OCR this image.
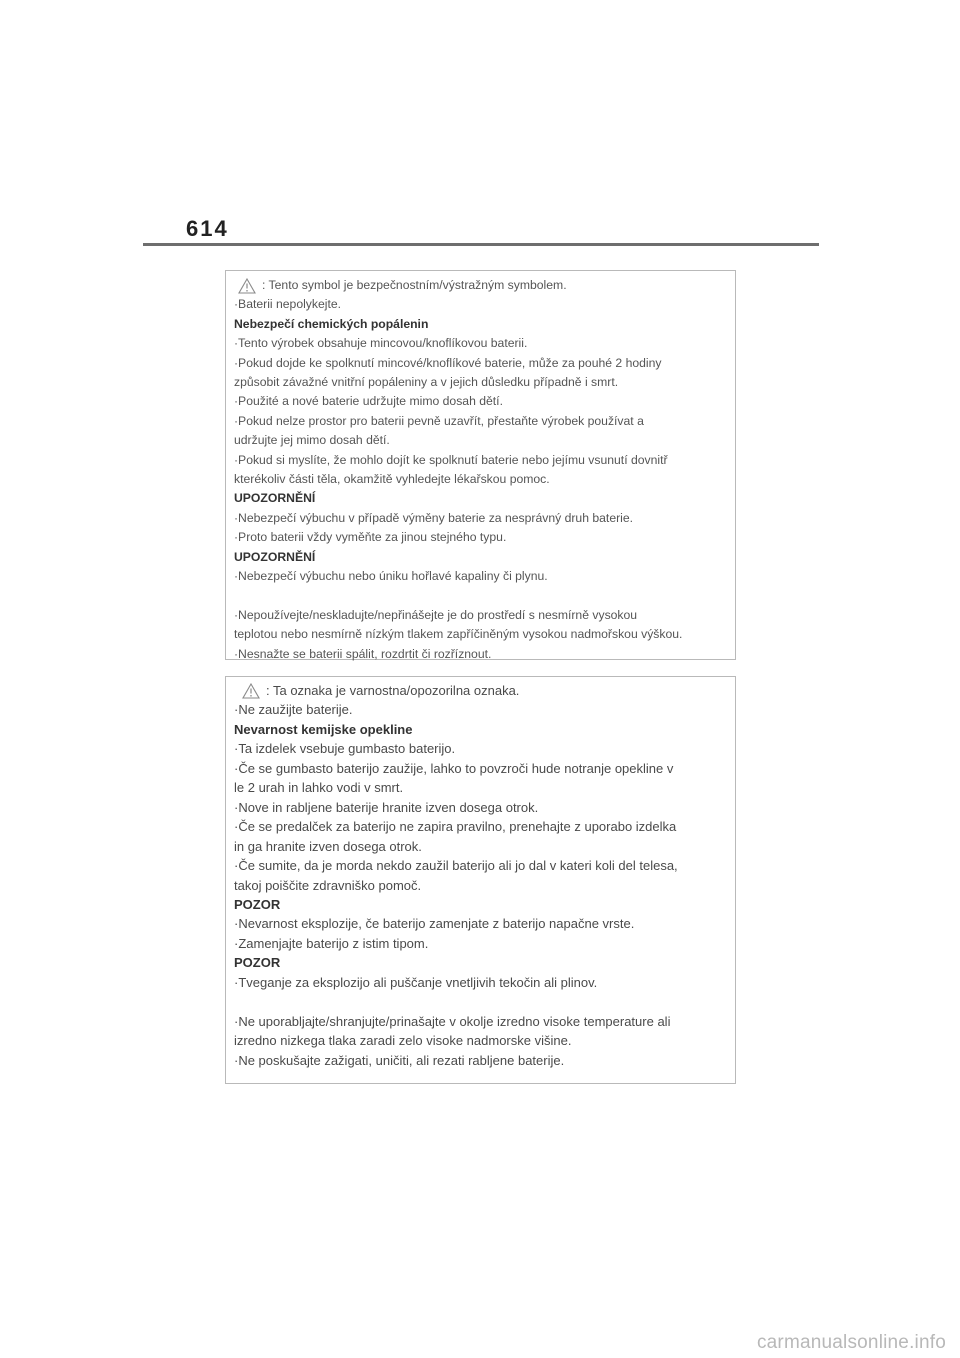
614
: Tento symbol je bezpečnostním/výstražným symbolem.
·Baterii nepolykejte.
Nebezpečí chemických popálenin
·Tento výrobek obsahuje mincovou/knoflíkovou baterii.
·Pokud dojde ke spolknutí mincové/knoflíkové baterie, může za pouhé 2 hodiny
způsobit závažné vnitřní popáleniny a v jejich důsledku případně i smrt.
·Použité a nové baterie udržujte mimo dosah dětí.
·Pokud nelze prostor pro baterii pevně uzavřít, přestaňte výrobek používat a
udržujte jej mimo dosah dětí.
·Pokud si myslíte, že mohlo dojít ke spolknutí baterie nebo jejímu vsunutí dovnitř
kterékoliv části těla, okamžitě vyhledejte lékařskou pomoc.
UPOZORNĚNÍ
·Nebezpečí výbuchu v případě výměny baterie za nesprávný druh baterie.
·Proto baterii vždy vyměňte za jinou stejného typu.
UPOZORNĚNÍ
·Nebezpečí výbuchu nebo úniku hořlavé kapaliny či plynu.
·Nepoužívejte/neskladujte/nepřinášejte je do prostředí s nesmírně vysokou
teplotou nebo nesmírně nízkým tlakem zapříčiněným vysokou nadmořskou výškou.
·Nesnažte se baterii spálit, rozdrtit či rozříznout.
: Ta oznaka je varnostna/opozorilna oznaka.
·Ne zaužijte baterije.
Nevarnost kemijske opekline
·Ta izdelek vsebuje gumbasto baterijo.
·Če se gumbasto baterijo zaužije, lahko to povzroči hude notranje opekline v
le 2 urah in lahko vodi v smrt.
·Nove in rabljene baterije hranite izven dosega otrok.
·Če se predalček za baterijo ne zapira pravilno, prenehajte z uporabo izdelka
in ga hranite izven dosega otrok.
·Če sumite, da je morda nekdo zaužil baterijo ali jo dal v kateri koli del telesa,
takoj poiščite zdravniško pomoč.
POZOR
·Nevarnost eksplozije, če baterijo zamenjate z baterijo napačne vrste.
·Zamenjajte baterijo z istim tipom.
POZOR
·Tveganje za eksplozijo ali puščanje vnetljivih tekočin ali plinov.
·Ne uporabljajte/shranjujte/prinašajte v okolje izredno visoke temperature ali
izredno nizkega tlaka zaradi zelo visoke nadmorske višine.
·Ne poskušajte zažigati, uničiti, ali rezati rabljene baterije.
carmanualsonline.info
